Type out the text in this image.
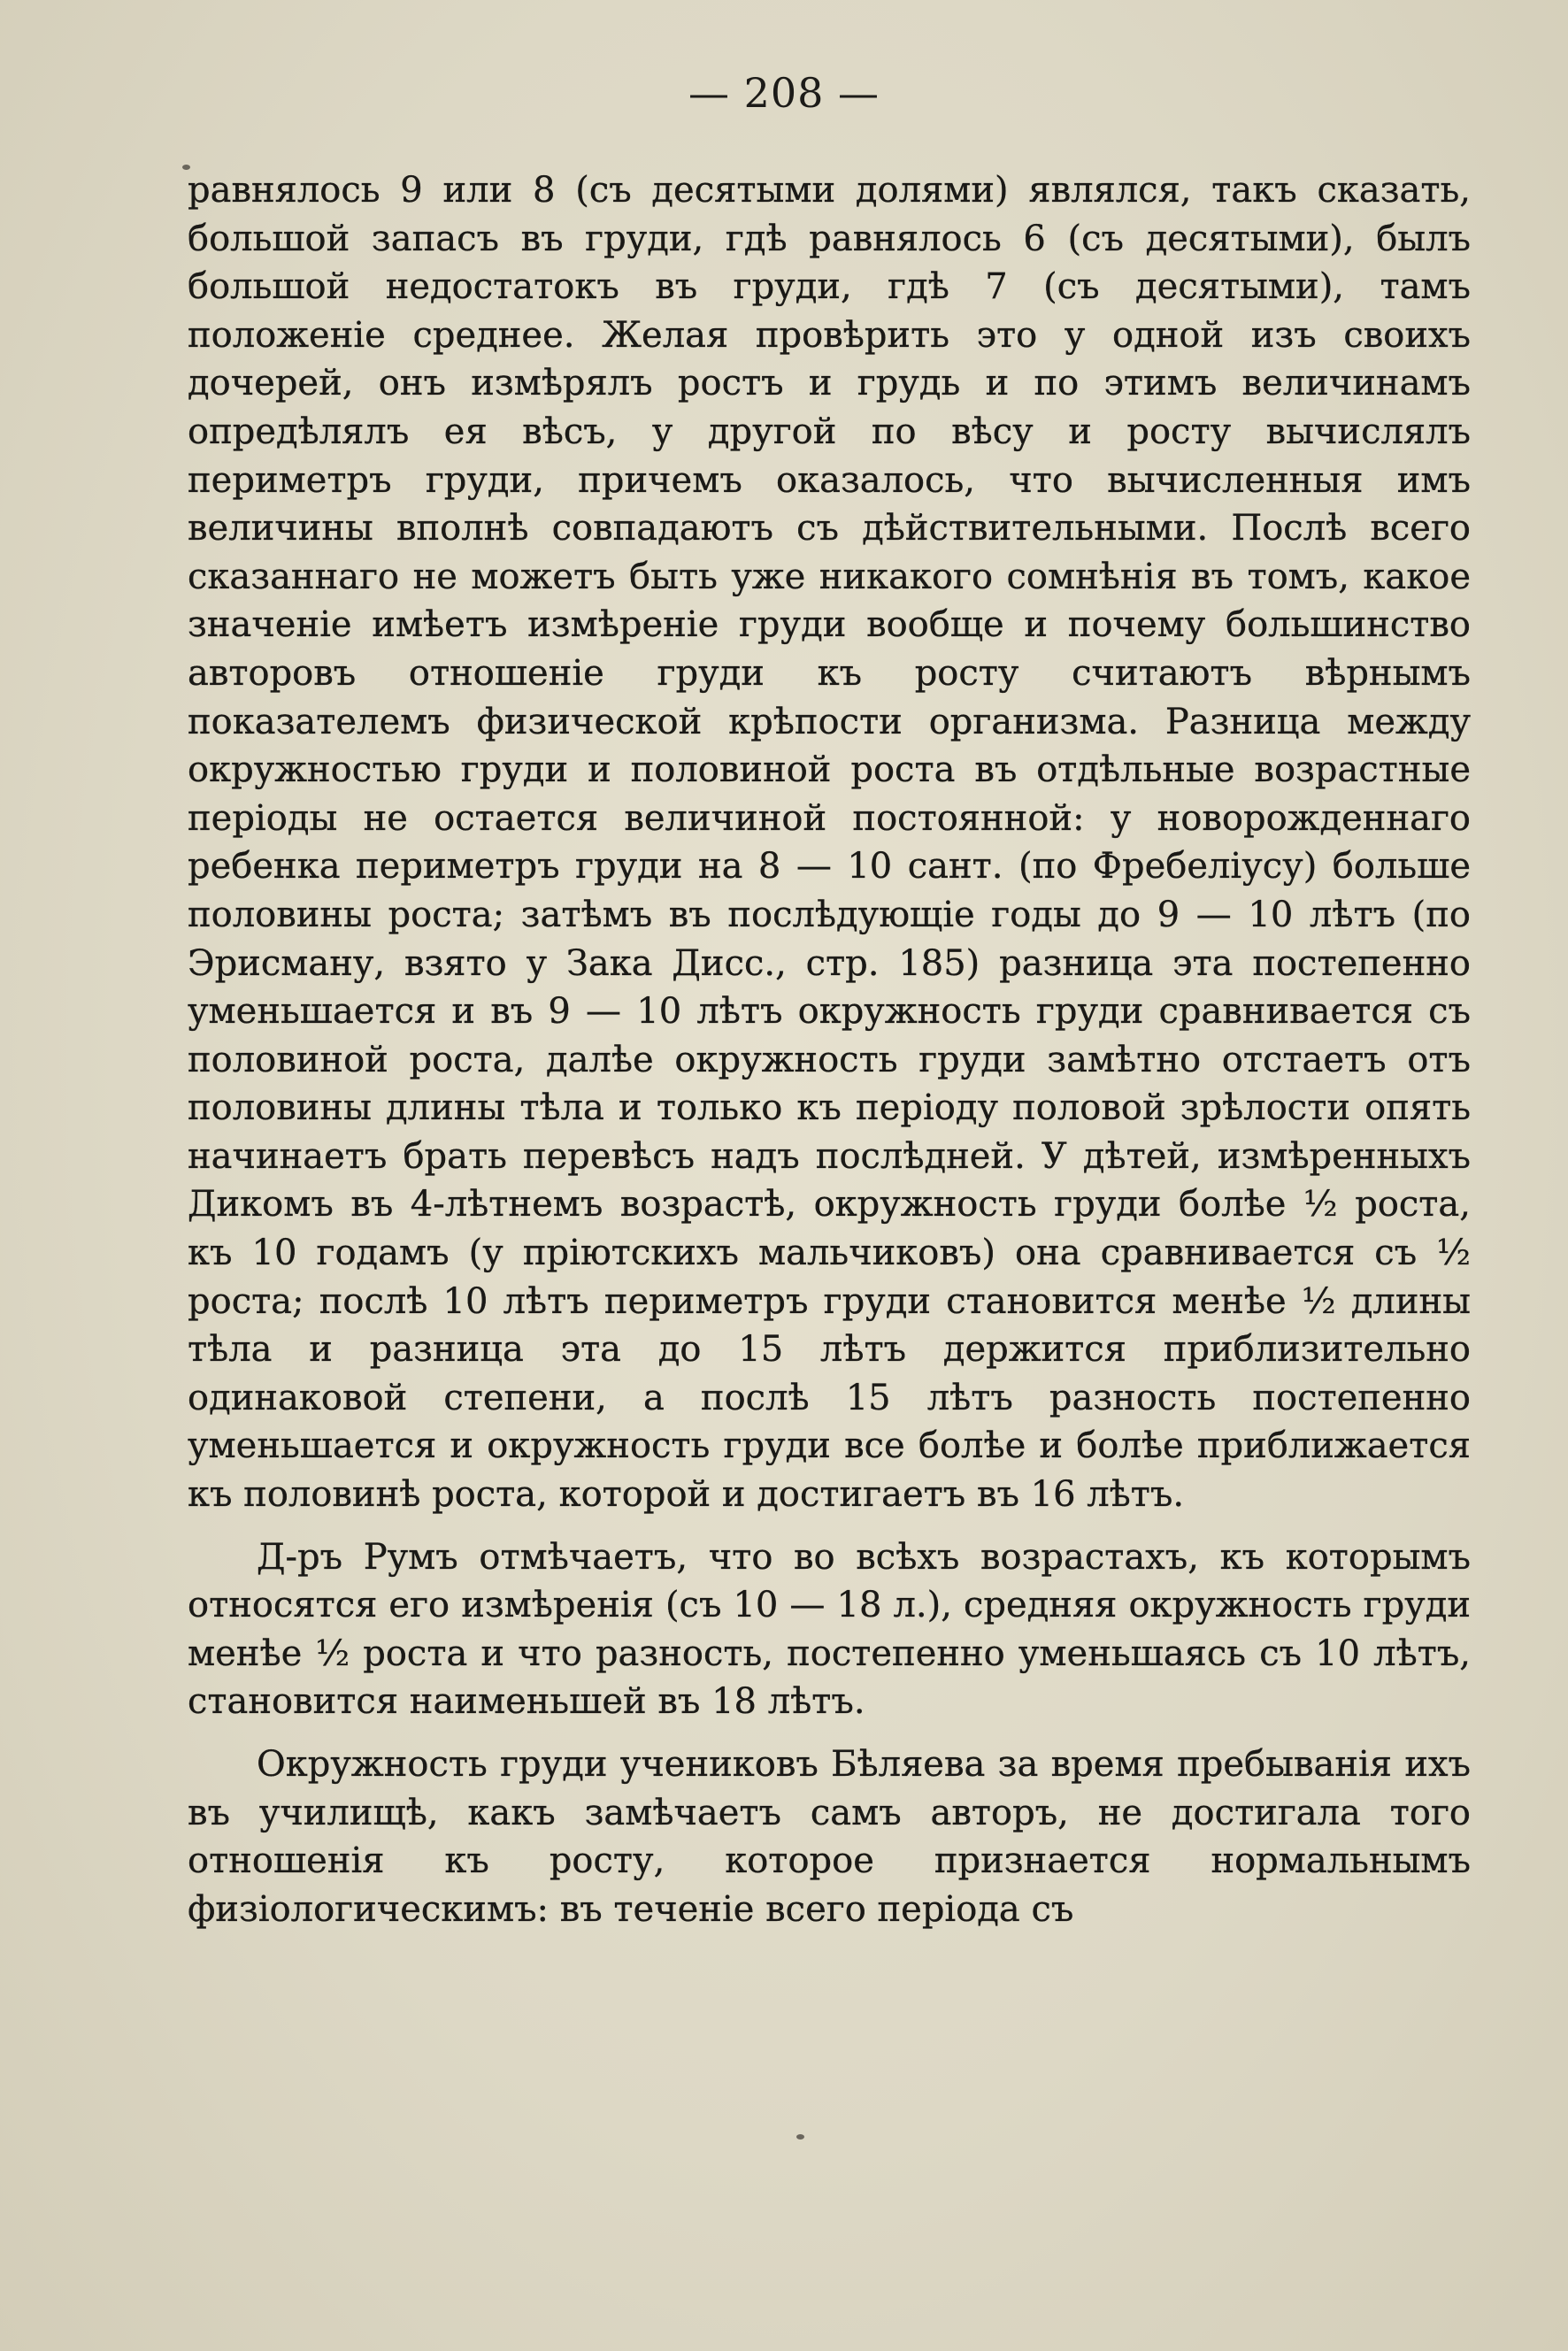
— 208 —

равнялось 9 или 8 (съ десятыми долями) являлся, такъ сказать, большой запасъ въ груди, гдѣ равнялось 6 (съ десятыми), былъ большой недостатокъ въ груди, гдѣ 7 (съ десятыми), тамъ положеніе среднее. Желая провѣрить это у одной изъ своихъ дочерей, онъ измѣрялъ ростъ и грудь и по этимъ величинамъ опредѣлялъ ея вѣсъ, у другой по вѣсу и росту вычислялъ периметръ груди, причемъ оказалось, что вычисленныя имъ величины вполнѣ совпадаютъ съ дѣйствительными. Послѣ всего сказаннаго не можетъ быть уже никакого сомнѣнія въ томъ, какое значеніе имѣетъ измѣреніе груди вообще и почему большинство авторовъ отношеніе груди къ росту считаютъ вѣрнымъ показателемъ физической крѣпости организма. Разница между окружностью груди и половиной роста въ отдѣльные возрастные періоды не остается величиной постоянной: у новорожденнаго ребенка периметръ груди на 8 — 10 сант. (по Фребеліусу) больше половины роста; затѣмъ въ послѣдующіе годы до 9 — 10 лѣтъ (по Эрисману, взято у Зака Дисс., стр. 185) разница эта постепенно уменьшается и въ 9 — 10 лѣтъ окружность груди сравнивается съ половиной роста, далѣе окружность груди замѣтно отстаетъ отъ половины длины тѣла и только къ періоду половой зрѣлости опять начинаетъ брать перевѣсъ надъ послѣдней. У дѣтей, измѣренныхъ Дикомъ въ 4-лѣтнемъ возрастѣ, окружность груди болѣе ½ роста, къ 10 годамъ (у пріютскихъ мальчиковъ) она сравнивается съ ½ роста; послѣ 10 лѣтъ периметръ груди становится менѣе ½ длины тѣла и разница эта до 15 лѣтъ держится приблизительно одинаковой степени, а послѣ 15 лѣтъ разность постепенно уменьшается и окружность груди все болѣе и болѣе приближается къ половинѣ роста, которой и достигаетъ въ 16 лѣтъ.

Д-ръ Румъ отмѣчаетъ, что во всѣхъ возрастахъ, къ которымъ относятся его измѣренія (съ 10 — 18 л.), средняя окружность груди менѣе ½ роста и что разность, постепенно уменьшаясь съ 10 лѣтъ, становится наименьшей въ 18 лѣтъ.

Окружность груди учениковъ Бѣляева за время пребыванія ихъ въ училищѣ, какъ замѣчаетъ самъ авторъ, не достигала того отношенія къ росту, которое признается нормальнымъ физіологическимъ: въ теченіе всего періода съ
